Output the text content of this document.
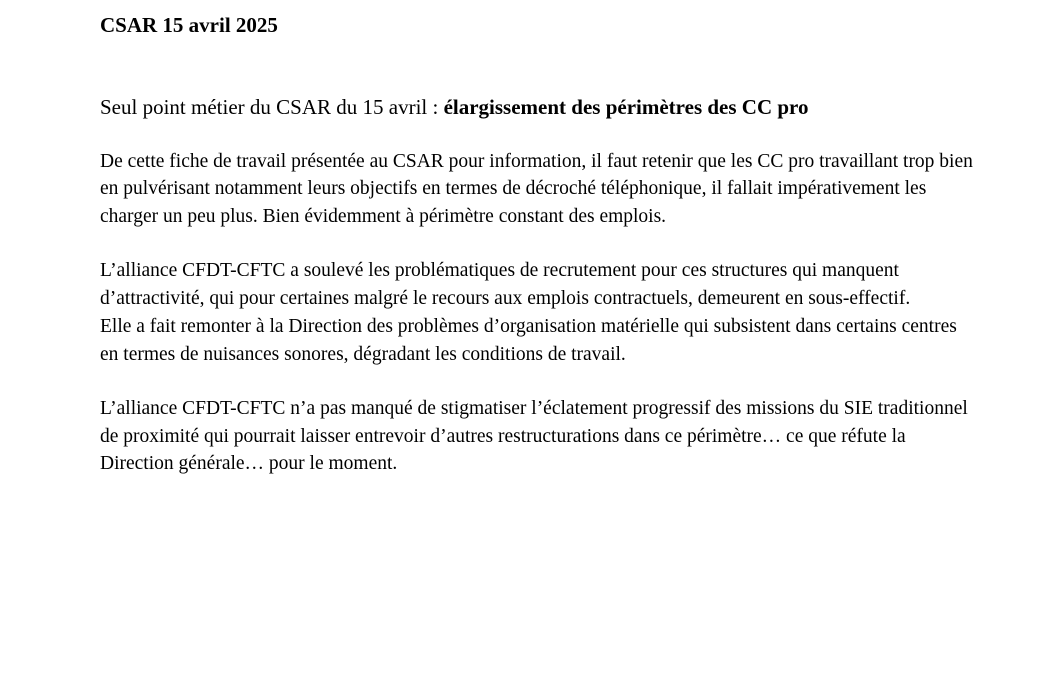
CSAR 15 avril 2025
Seul point métier du CSAR du 15 avril : élargissement des périmètres des CC pro

De cette fiche de travail présentée au CSAR pour information, il faut retenir que les CC pro travaillant trop bien en pulvérisant notamment leurs objectifs en termes de décroché téléphonique, il fallait impérativement les charger un peu plus. Bien évidemment à périmètre constant des emplois.

L’alliance CFDT-CFTC a soulevé les problématiques de recrutement pour ces structures qui manquent d’attractivité, qui pour certaines malgré le recours aux emplois contractuels, demeurent en sous-effectif.

Elle a fait remonter à la Direction des problèmes d’organisation matérielle qui subsistent dans certains centres en termes de nuisances sonores, dégradant les conditions de travail.

L’alliance CFDT-CFTC n’a pas manqué de stigmatiser l’éclatement progressif des missions du SIE traditionnel de proximité qui pourrait laisser entrevoir d’autres restructurations dans ce périmètre… ce que réfute la Direction générale… pour le moment.
